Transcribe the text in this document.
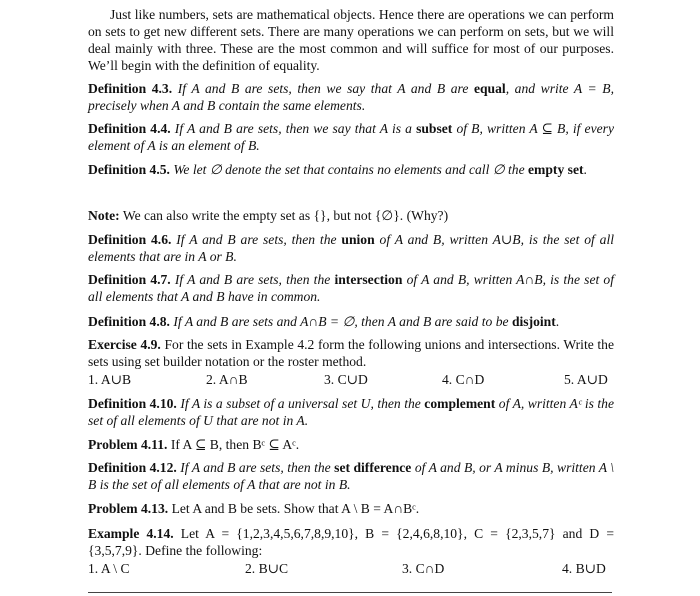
Just like numbers, sets are mathematical objects. Hence there are operations we can perform on sets to get new different sets. There are many operations we can perform on sets, but we will deal mainly with three. These are the most common and will suffice for most of our purposes. We’ll begin with the definition of equality.
Definition 4.3. If A and B are sets, then we say that A and B are equal, and write A = B, precisely when A and B contain the same elements.
Definition 4.4. If A and B are sets, then we say that A is a subset of B, written A ⊆ B, if every element of A is an element of B.
Definition 4.5. We let ∅ denote the set that contains no elements and call ∅ the empty set.
Note: We can also write the empty set as {}, but not {∅}. (Why?)
Definition 4.6. If A and B are sets, then the union of A and B, written A∪B, is the set of all elements that are in A or B.
Definition 4.7. If A and B are sets, then the intersection of A and B, written A∩B, is the set of all elements that A and B have in common.
Definition 4.8. If A and B are sets and A∩B = ∅, then A and B are said to be disjoint.
Exercise 4.9. For the sets in Example 4.2 form the following unions and intersections. Write the sets using set builder notation or the roster method.
1. A∪B	2. A∩B	3. C∪D	4. C∩D	5. A∪D
Definition 4.10. If A is a subset of a universal set U, then the complement of A, written Aᶜ is the set of all elements of U that are not in A.
Problem 4.11. If A ⊆ B, then Bᶜ ⊆ Aᶜ.
Definition 4.12. If A and B are sets, then the set difference of A and B, or A minus B, written A \ B is the set of all elements of A that are not in B.
Problem 4.13. Let A and B be sets. Show that A \ B = A∩Bᶜ.
Example 4.14. Let A = {1,2,3,4,5,6,7,8,9,10}, B = {2,4,6,8,10}, C = {2,3,5,7} and D = {3,5,7,9}. Define the following:
1. A \ C	2. B∪C	3. C∩D	4. B∪D
